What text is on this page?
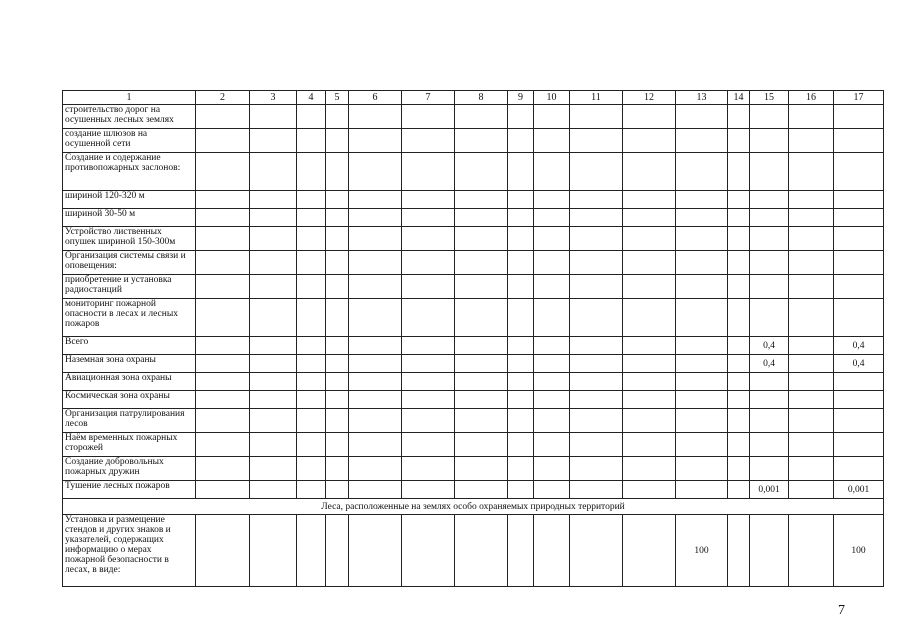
1	2	3	4	5	6	7	8	9	10	11	12	13	14	15	16	17
строительство дорог на осушенных лесных землях																
создание шлюзов на осушенной сети																
Создание и содержание противопожарных заслонов:																
шириной 120-320 м																
шириной 30-50 м																
Устройство лиственных опушек шириной 150-300м																
Организация системы связи и оповещения:																
приобретение и установка радиостанций																
мониторинг пожарной опасности в лесах и лесных пожаров																
Всего														0,4		0,4
Наземная зона охраны														0,4		0,4
Авиационная зона охраны																
Космическая зона охраны																
Организация патрулирования лесов																
Наём временных пожарных сторожей																
Создание добровольных пожарных дружин																
Тушение лесных пожаров														0,001		0,001
Леса, расположенные на землях особо охраняемых природных территорий																
Установка и размещение стендов и других знаков и указателей, содержащих информацию о мерах пожарной безопасности в лесах, в виде:												100				100
7
